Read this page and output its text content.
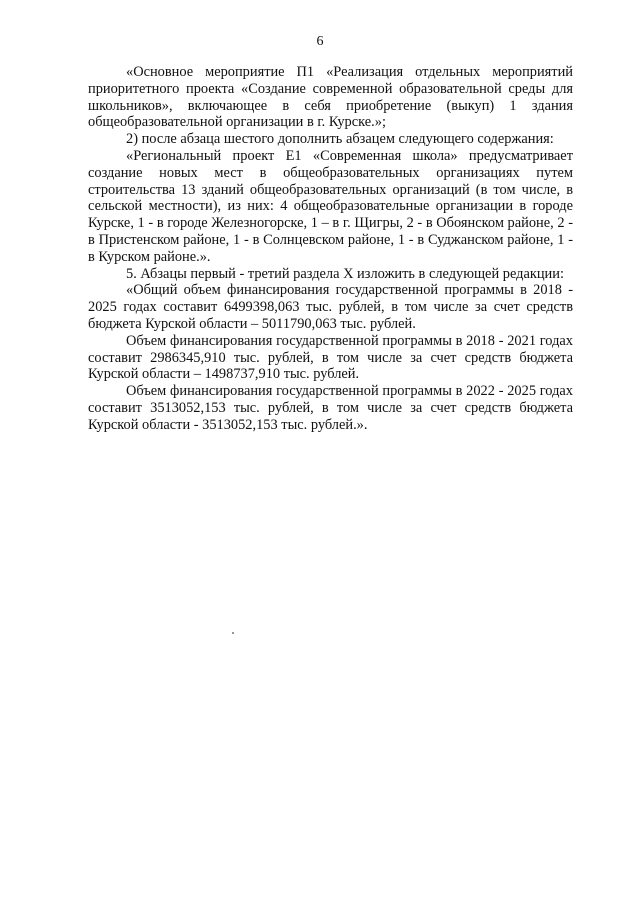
6

«Основное мероприятие П1 «Реализация отдельных мероприятий приоритетного проекта «Создание современной образовательной среды для школьников», включающее в себя приобретение (выкуп) 1 здания общеобразовательной организации в г. Курске.»;

2) после абзаца шестого дополнить абзацем следующего содержания:

«Региональный проект Е1 «Современная школа» предусматривает создание новых мест в общеобразовательных организациях путем строительства 13 зданий общеобразовательных организаций (в том числе, в сельской местности), из них: 4 общеобразовательные организации в городе Курске, 1 - в городе Железногорске, 1 – в г. Щигры, 2 - в Обоянском районе, 2 - в Пристенском районе, 1 - в Солнцевском районе, 1 - в Суджанском районе, 1 - в Курском районе.».

5. Абзацы первый - третий раздела X изложить в следующей редакции:

«Общий объем финансирования государственной программы в 2018 - 2025 годах составит 6499398,063 тыс. рублей, в том числе за счет средств бюджета Курской области – 5011790,063 тыс. рублей.

Объем финансирования государственной программы в 2018 - 2021 годах составит 2986345,910 тыс. рублей, в том числе за счет средств бюджета Курской области – 1498737,910 тыс. рублей.

Объем финансирования государственной программы в 2022 - 2025 годах составит 3513052,153 тыс. рублей, в том числе за счет средств бюджета Курской области - 3513052,153 тыс. рублей.».
